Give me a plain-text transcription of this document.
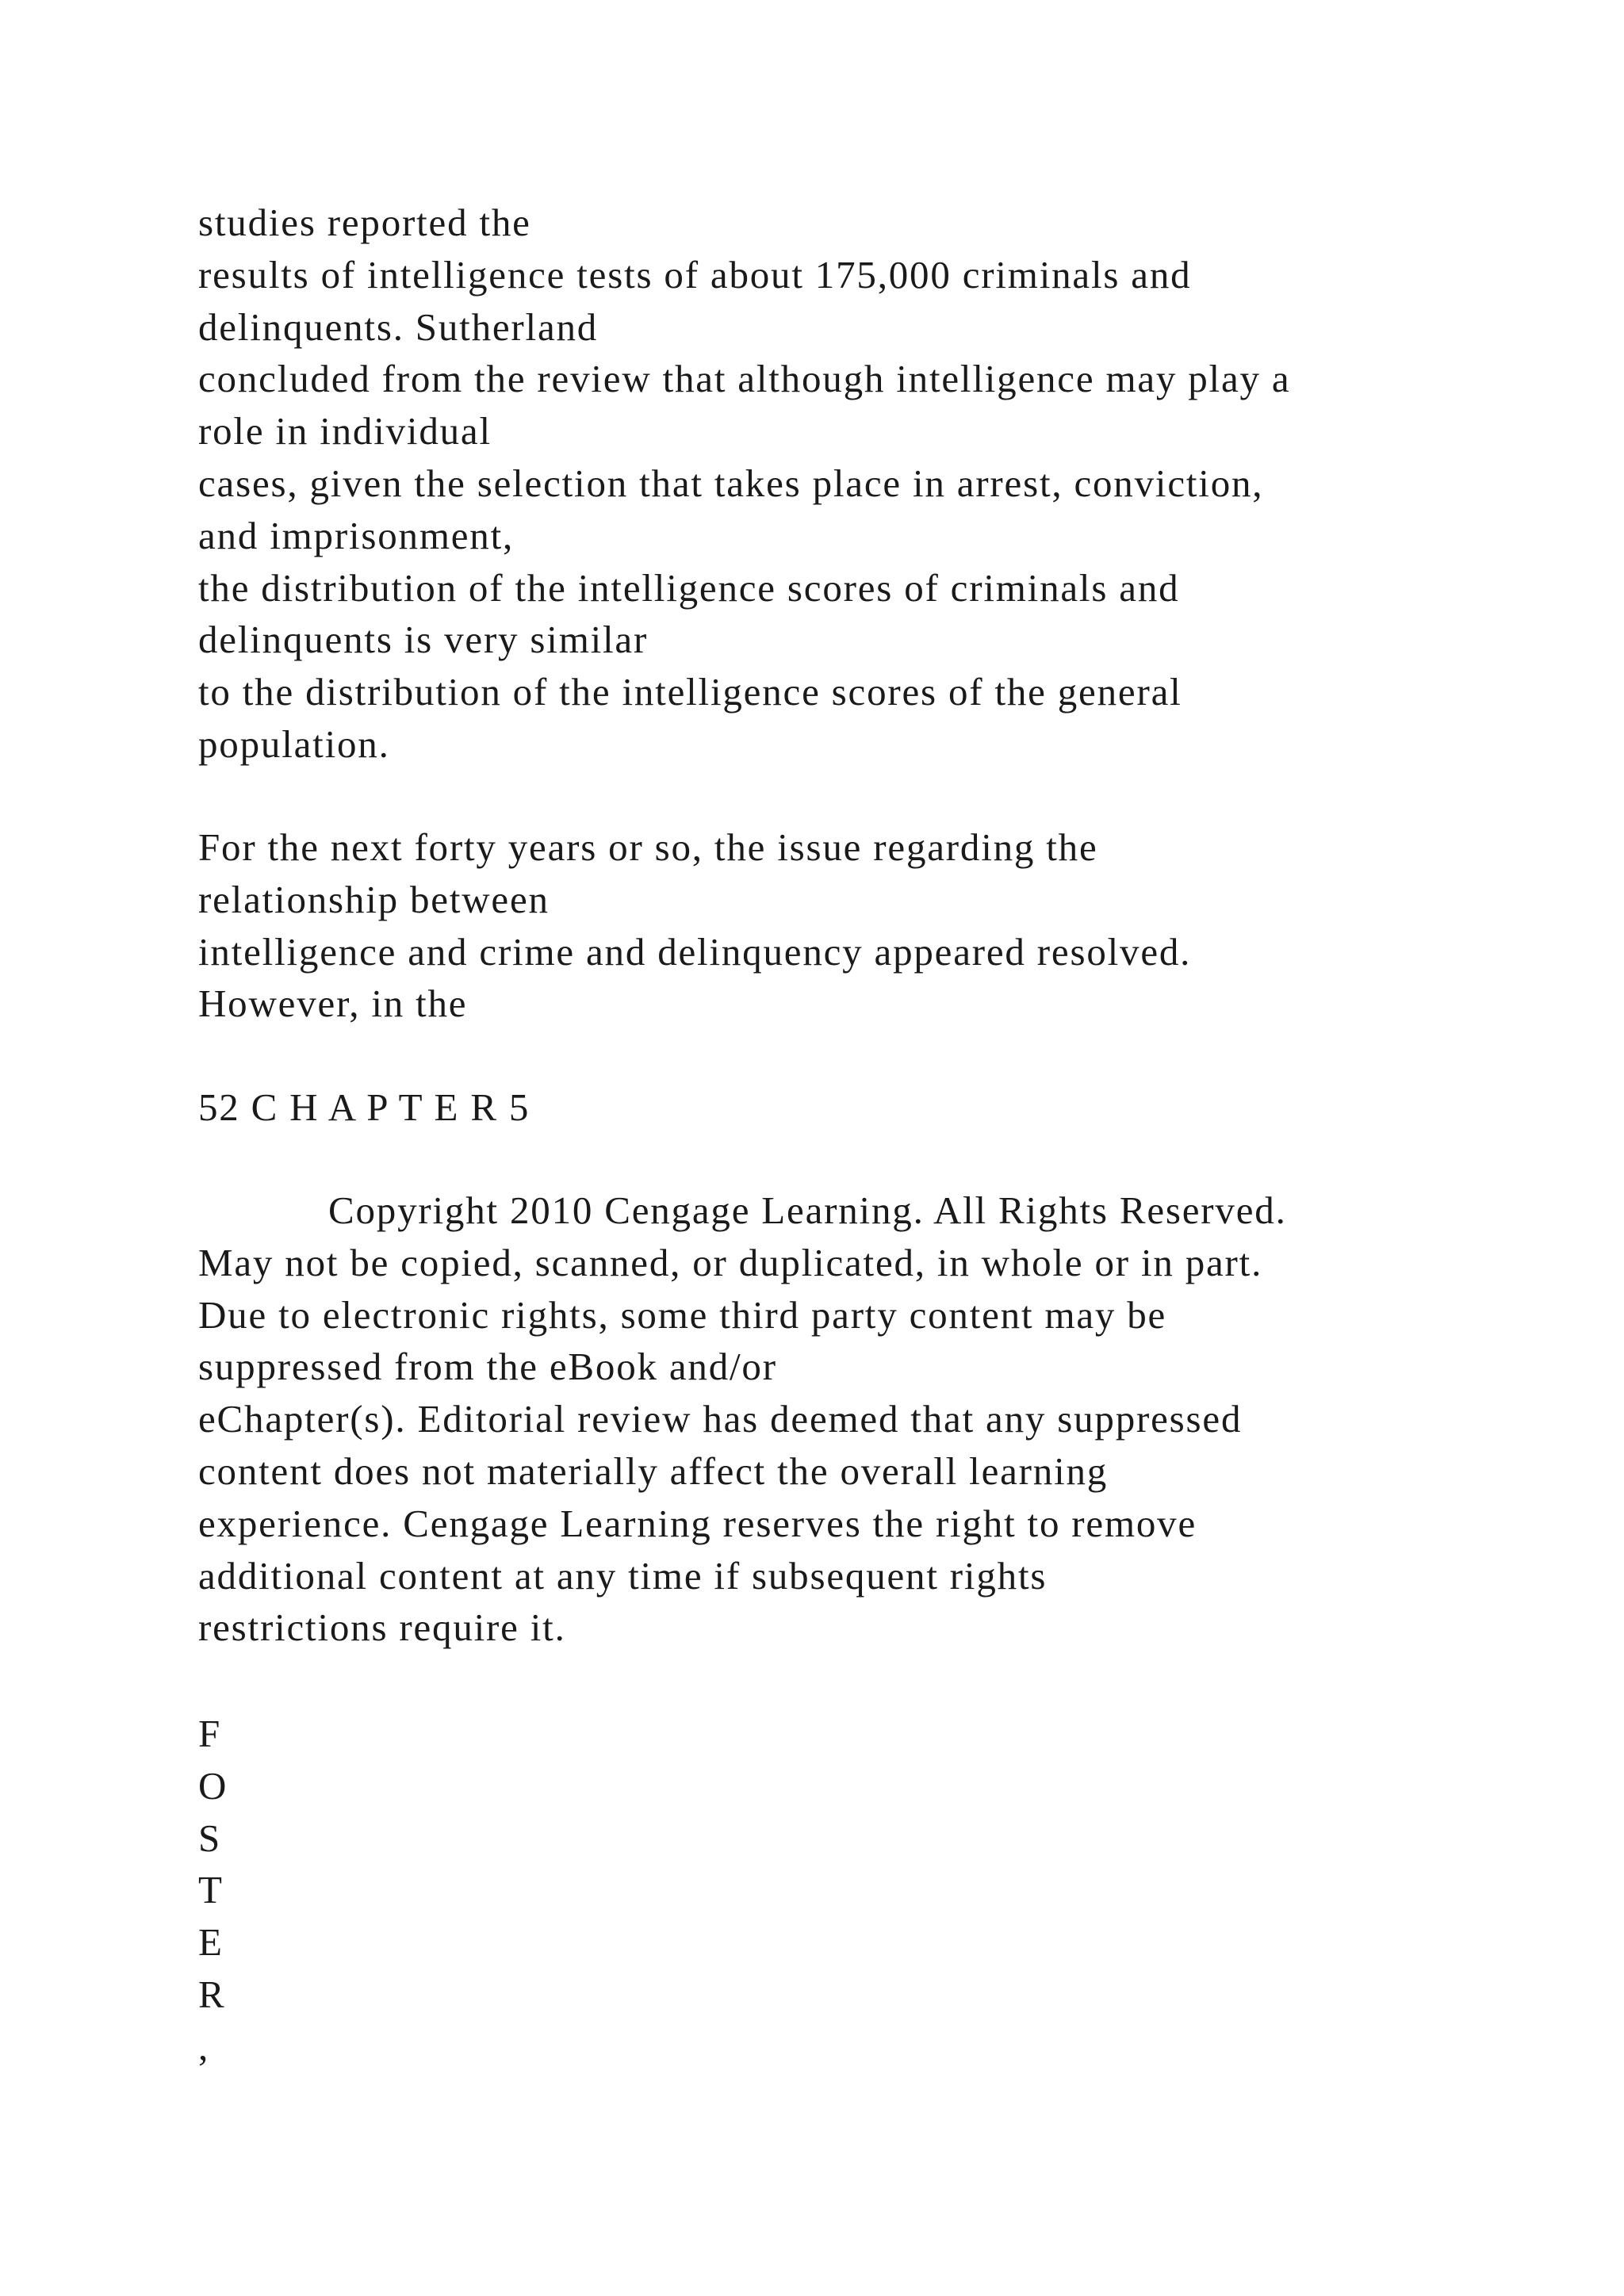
studies reported the
results of intelligence tests of about 175,000 criminals and
delinquents. Sutherland
concluded from the review that although intelligence may play a
role in individual
cases, given the selection that takes place in arrest, conviction,
and imprisonment,
the distribution of the intelligence scores of criminals and
delinquents is very similar
to the distribution of the intelligence scores of the general
population.
For the next forty years or so, the issue regarding the
relationship between
intelligence and crime and delinquency appeared resolved.
However, in the
52 C H A P T E R 5
Copyright 2010 Cengage Learning. All Rights Reserved.
May not be copied, scanned, or duplicated, in whole or in part.
Due to electronic rights, some third party content may be
suppressed from the eBook and/or
eChapter(s). Editorial review has deemed that any suppressed
content does not materially affect the overall learning
experience. Cengage Learning reserves the right to remove
additional content at any time if subsequent rights
restrictions require it.
F
O
S
T
E
R
,
